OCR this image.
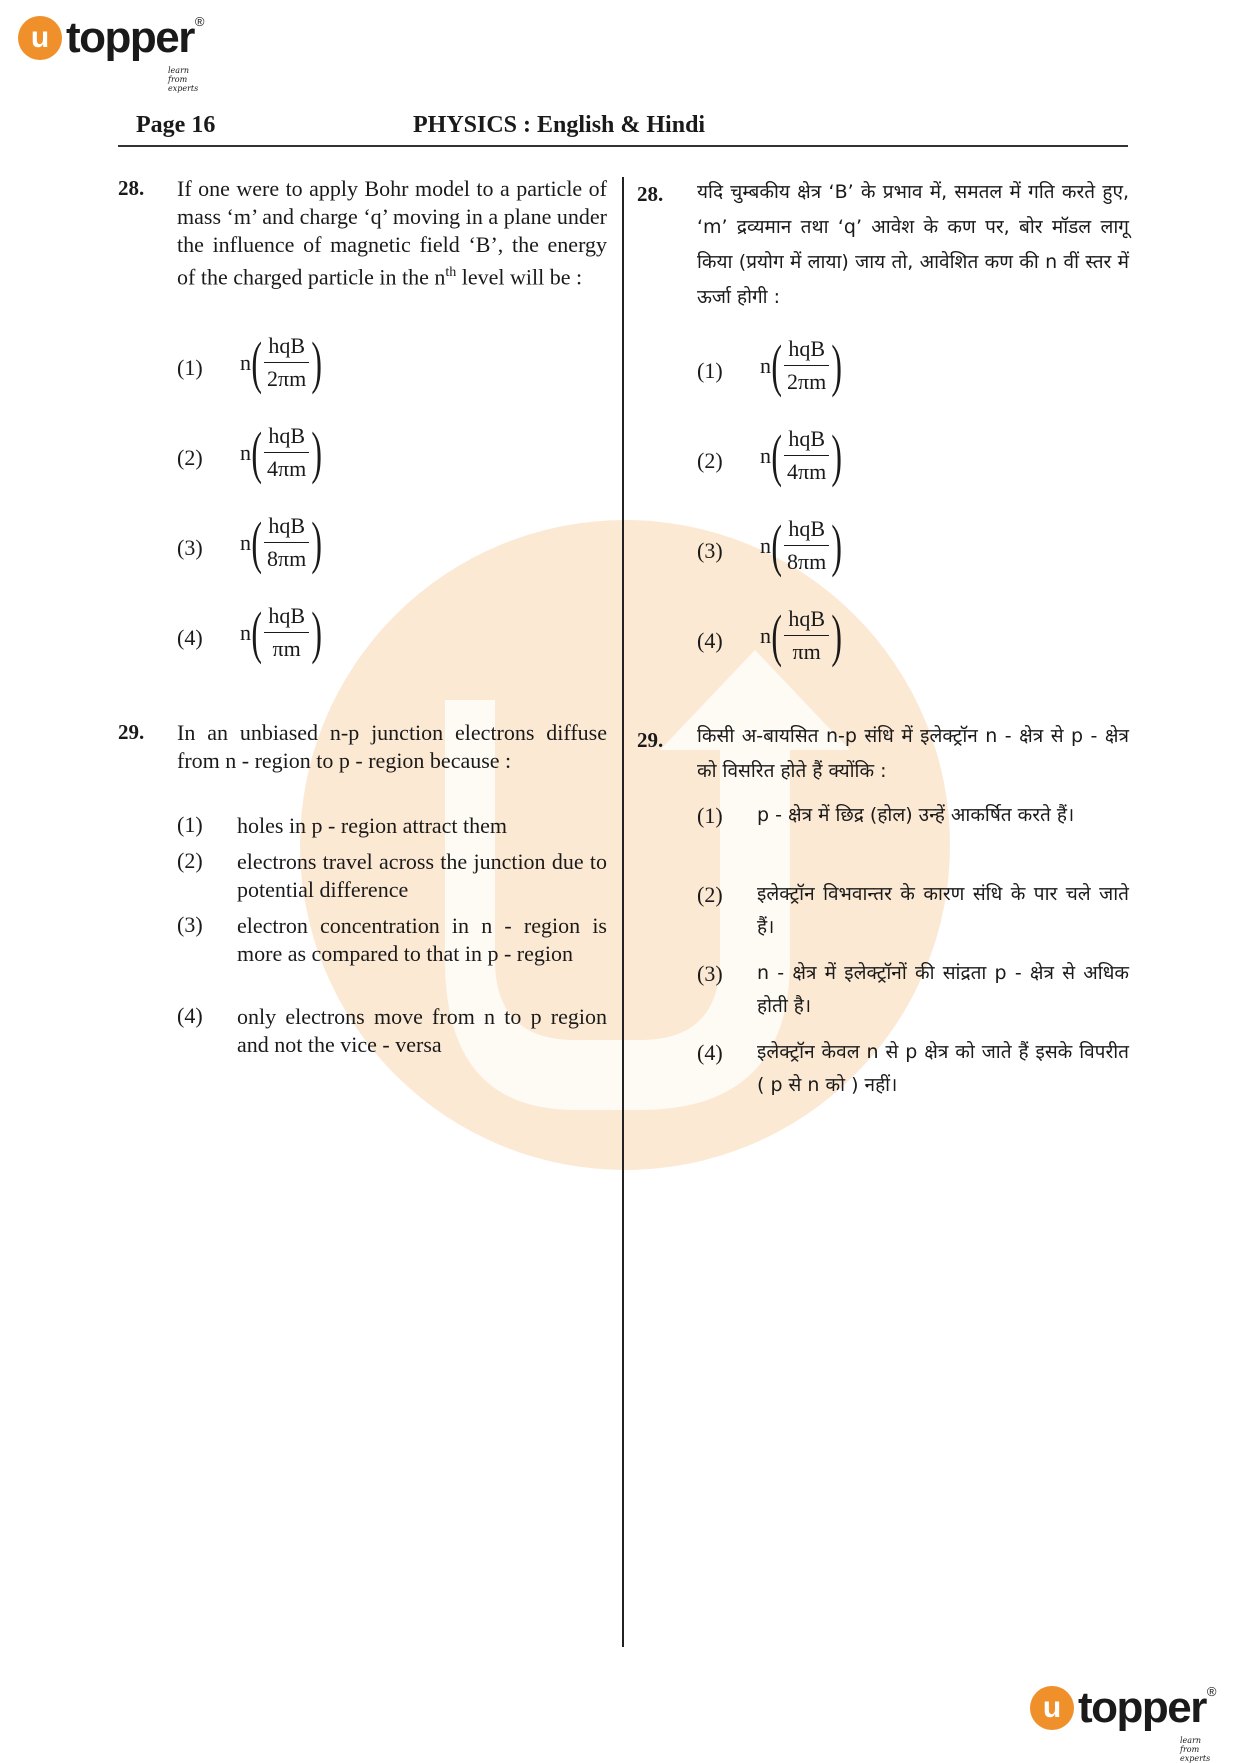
u topper ®
learn from experts
Page 16	PHYSICS : English & Hindi
28. If one were to apply Bohr model to a particle of mass ‘m’ and charge ‘q’ moving in a plane under the influence of magnetic field ‘B’, the energy of the charged particle in the $n^{th}$ level will be :
(1) n ( $\frac{\text{hqB}}{2\pi m}$ )
(2) n ( $\frac{\text{hqB}}{4\pi m}$ )
(3) n ( $\frac{\text{hqB}}{8\pi m}$ )
(4) n ( $\frac{\text{hqB}}{\pi m}$ )
28. यदि चुम्बकीय क्षेत्र ‘B’ के प्रभाव में, समतल में गति करते हुए, ‘m’ द्रव्यमान तथा ‘q’ आवेश के कण पर, बोर मॉडल लागू किया (प्रयोग में लाया) जाय तो, आवेशित कण की n वीं स्तर में ऊर्जा होगी :
(1) n ( $\frac{\text{hqB}}{2\pi m}$ )
(2) n ( $\frac{\text{hqB}}{4\pi m}$ )
(3) n ( $\frac{\text{hqB}}{8\pi m}$ )
(4) n ( $\frac{\text{hqB}}{\pi m}$ )
29. In an unbiased n-p junction electrons diffuse from n - region to p - region because :
(1) holes in p - region attract them
(2) electrons travel across the junction due to potential difference
(3) electron concentration in n - region is more as compared to that in p - region
(4) only electrons move from n to p region and not the vice - versa
29. किसी अ-बायसित n-p संधि में इलेक्ट्रॉन n - क्षेत्र से p - क्षेत्र को विसरित होते हैं क्योंकि :
(1) p - क्षेत्र में छिद्र (होल) उन्हें आकर्षित करते हैं।
(2) इलेक्ट्रॉन विभवान्तर के कारण संधि के पार चले जाते हैं।
(3) n - क्षेत्र में इलेक्ट्रॉनों की सांद्रता p - क्षेत्र से अधिक होती है।
(4) इलेक्ट्रॉन केवल n से p क्षेत्र को जाते हैं इसके विपरीत ( p से n को ) नहीं।
u topper ®
learn from experts
